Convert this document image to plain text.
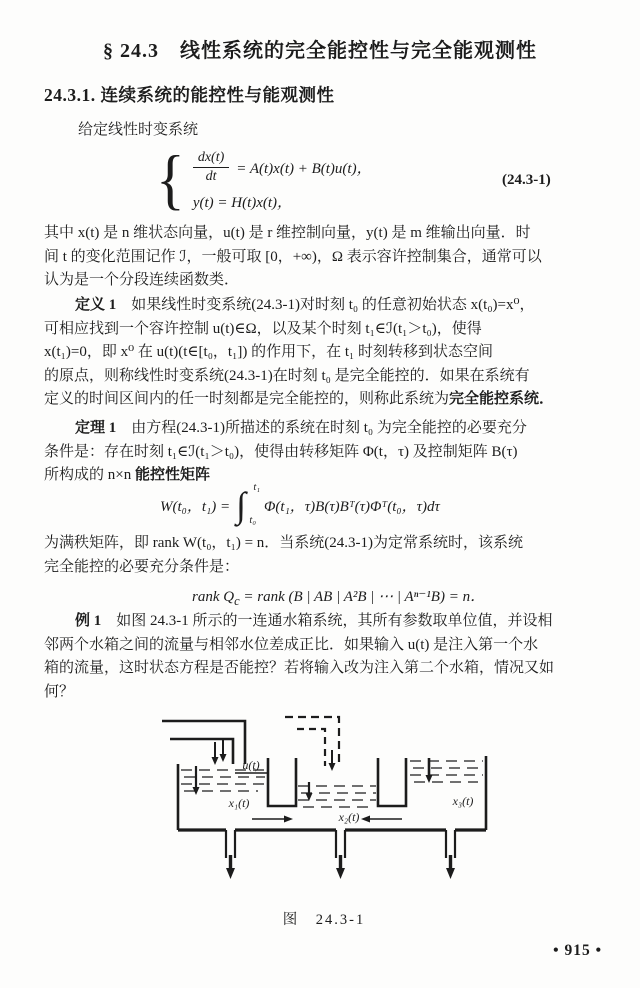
§ 24.3　线性系统的完全能控性与完全能观测性
24.3.1. 连续系统的能控性与能观测性
给定线性时变系统
{ $\frac{dx(t)}{dt} = A(t)x(t) + B(t)u(t)$，
y(t) = H(t)x(t)，
(24.3-1)
其中 x(t) 是 n 维状态向量，u(t) 是 r 维控制向量，y(t) 是 m 维输出向量．时
间 t 的变化范围记作 ℐ，一般可取 [0，+∞)，Ω 表示容许控制集合，通常可以
认为是一个分段连续函数类．
定义 1　如果线性时变系统(24.3-1)对时刻 t₀ 的任意初始状态 x(t₀)=x⁰，
可相应找到一个容许控制 u(t)∈Ω，以及某个时刻 t₁∈ℐ(t₁＞t₀)，使得
x(t₁)=0，即 x⁰ 在 u(t)(t∈[t₀，t₁]) 的作用下，在 t₁ 时刻转移到状态空间
的原点，则称线性时变系统(24.3-1)在时刻 t₀ 是完全能控的．如果在系统有
定义的时间区间内的任一时刻都是完全能控的，则称此系统为完全能控系统．
定理 1　由方程(24.3-1)所描述的系统在时刻 t₀ 为完全能控的必要充分
条件是：存在时刻 t₁∈ℐ(t₁＞t₀)，使得由转移矩阵 Φ(t，τ) 及控制矩阵 B(τ)
所构成的 n×n 能控性矩阵
W(t₀，t₁) = ∫ t₁
t₀
Φ(t₁，τ)B(τ)Bᵀ(τ)Φᵀ(t₀，τ)dτ
为满秩矩阵，即 rank W(t₀，t₁) = n．当系统(24.3-1)为定常系统时，该系统
完全能控的必要充分条件是：
rank $Q_c$ = rank (B | AB | A²B | ⋯ | Aⁿ⁻¹B) = n．
例 1　如图 24.3-1 所示的一连通水箱系统，其所有参数取单位值，并设相
邻两个水箱之间的流量与相邻水位差成正比．如果输入 u(t) 是注入第一个水
箱的流量，这时状态方程是否能控？若将输入改为注入第二个水箱，情况又如
何？
u(t)
x₁(t)
x₂(t)
x₃(t)
图　24.3-1
• 915 •
